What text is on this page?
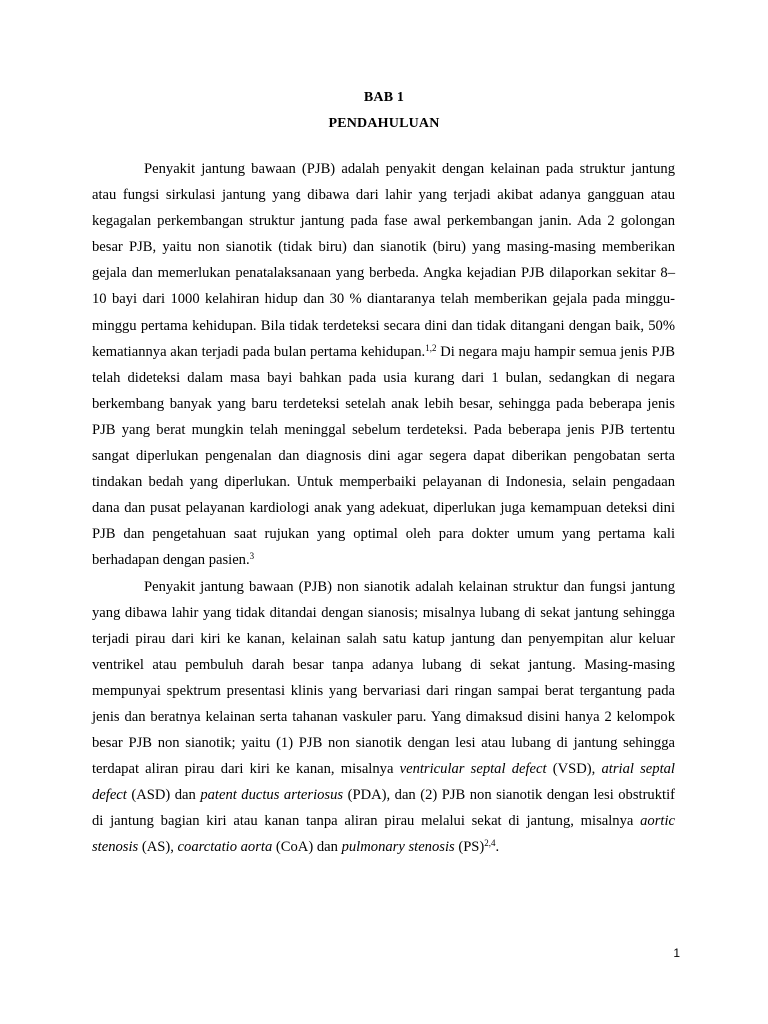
BAB 1
PENDAHULUAN

Penyakit jantung bawaan (PJB) adalah penyakit dengan kelainan pada struktur jantung atau fungsi sirkulasi jantung yang dibawa dari lahir yang terjadi akibat adanya gangguan atau kegagalan perkembangan struktur jantung pada fase awal perkembangan janin. Ada 2 golongan besar PJB, yaitu non sianotik (tidak biru) dan sianotik (biru) yang masing-masing memberikan gejala dan memerlukan penatalaksanaan yang berbeda. Angka kejadian PJB dilaporkan sekitar 8–10 bayi dari 1000 kelahiran hidup dan 30 % diantaranya telah memberikan gejala pada minggu-minggu pertama kehidupan. Bila tidak terdeteksi secara dini dan tidak ditangani dengan baik, 50% kematiannya akan terjadi pada bulan pertama kehidupan.$^{1,2}$ Di negara maju hampir semua jenis PJB telah dideteksi dalam masa bayi bahkan pada usia kurang dari 1 bulan, sedangkan di negara berkembang banyak yang baru terdeteksi setelah anak lebih besar, sehingga pada beberapa jenis PJB yang berat mungkin telah meninggal sebelum terdeteksi. Pada beberapa jenis PJB tertentu sangat diperlukan pengenalan dan diagnosis dini agar segera dapat diberikan pengobatan serta tindakan bedah yang diperlukan. Untuk memperbaiki pelayanan di Indonesia, selain pengadaan dana dan pusat pelayanan kardiologi anak yang adekuat, diperlukan juga kemampuan deteksi dini PJB dan pengetahuan saat rujukan yang optimal oleh para dokter umum yang pertama kali berhadapan dengan pasien.$^3$

Penyakit jantung bawaan (PJB) non sianotik adalah kelainan struktur dan fungsi jantung yang dibawa lahir yang tidak ditandai dengan sianosis; misalnya lubang di sekat jantung sehingga terjadi pirau dari kiri ke kanan, kelainan salah satu katup jantung dan penyempitan alur keluar ventrikel atau pembuluh darah besar tanpa adanya lubang di sekat jantung. Masing-masing mempunyai spektrum presentasi klinis yang bervariasi dari ringan sampai berat tergantung pada jenis dan beratnya kelainan serta tahanan vaskuler paru. Yang dimaksud disini hanya 2 kelompok besar PJB non sianotik; yaitu (1) PJB non sianotik dengan lesi atau lubang di jantung sehingga terdapat aliran pirau dari kiri ke kanan, misalnya ventricular septal defect (VSD), atrial septal defect (ASD) dan patent ductus arteriosus (PDA), dan (2) PJB non sianotik dengan lesi obstruktif di jantung bagian kiri atau kanan tanpa aliran pirau melalui sekat di jantung, misalnya aortic stenosis (AS), coarctatio aorta (CoA) dan pulmonary stenosis (PS)$^{2,4}$.

1
